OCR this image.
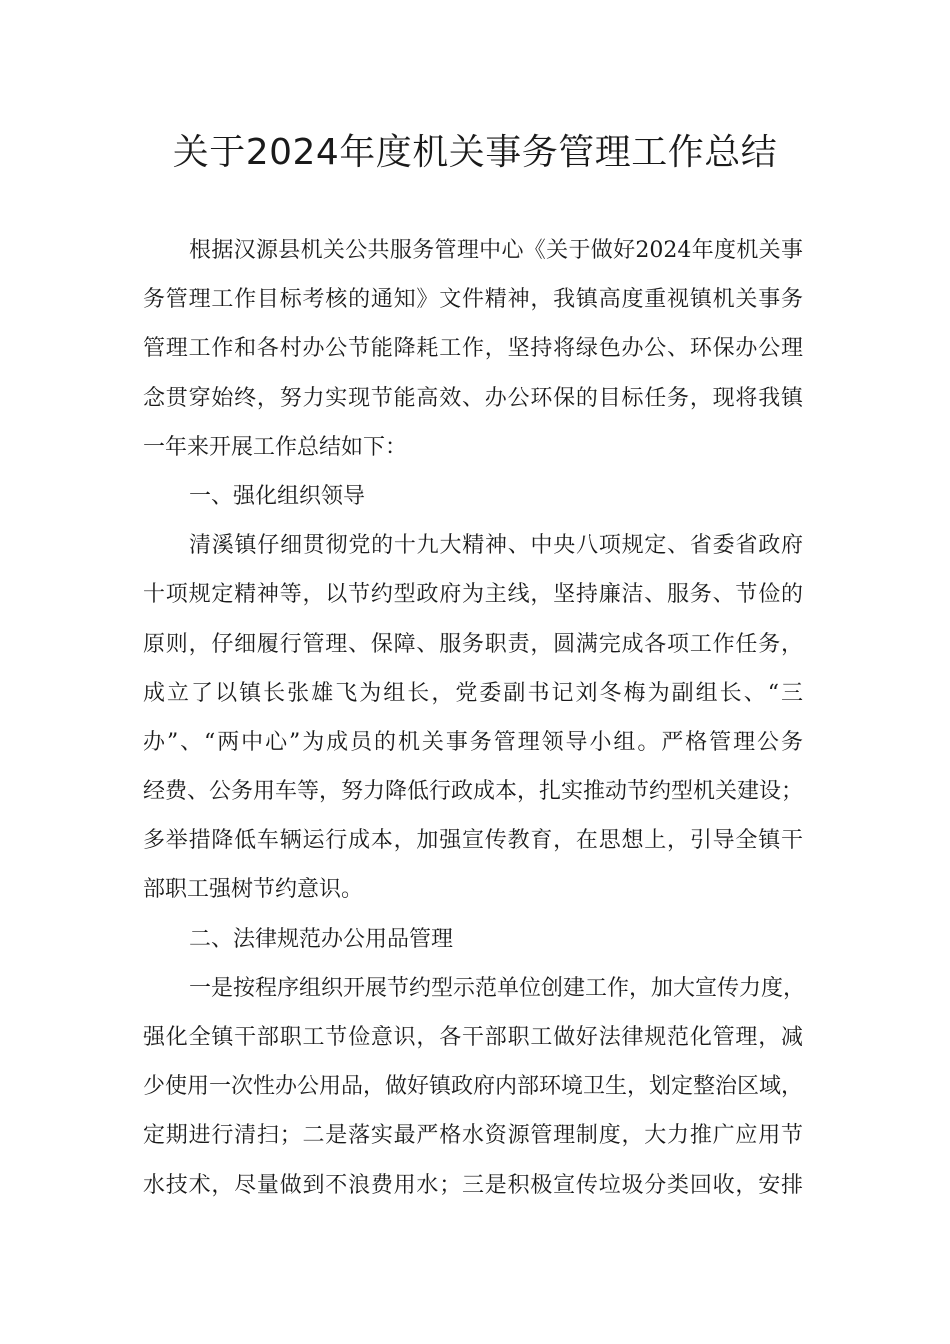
关于2024年度机关事务管理工作总结
根据汉源县机关公共服务管理中心《关于做好2024年度机关事
务管理工作目标考核的通知》文件精神，我镇高度重视镇机关事务
管理工作和各村办公节能降耗工作，坚持将绿色办公、环保办公理
念贯穿始终，努力实现节能高效、办公环保的目标任务，现将我镇
一年来开展工作总结如下：
一、强化组织领导
清溪镇仔细贯彻党的十九大精神、中央八项规定、省委省政府
十项规定精神等，以节约型政府为主线，坚持廉洁、服务、节俭的
原则，仔细履行管理、保障、服务职责，圆满完成各项工作任务，
成立了以镇长张雄飞为组长，党委副书记刘冬梅为副组长、“三
办”、“两中心”为成员的机关事务管理领导小组。严格管理公务
经费、公务用车等，努力降低行政成本，扎实推动节约型机关建设；
多举措降低车辆运行成本，加强宣传教育，在思想上，引导全镇干
部职工强树节约意识。
二、法律规范办公用品管理
一是按程序组织开展节约型示范单位创建工作，加大宣传力度，
强化全镇干部职工节俭意识，各干部职工做好法律规范化管理，减
少使用一次性办公用品，做好镇政府内部环境卫生，划定整治区域，
定期进行清扫；二是落实最严格水资源管理制度，大力推广应用节
水技术，尽量做到不浪费用水；三是积极宣传垃圾分类回收，安排
